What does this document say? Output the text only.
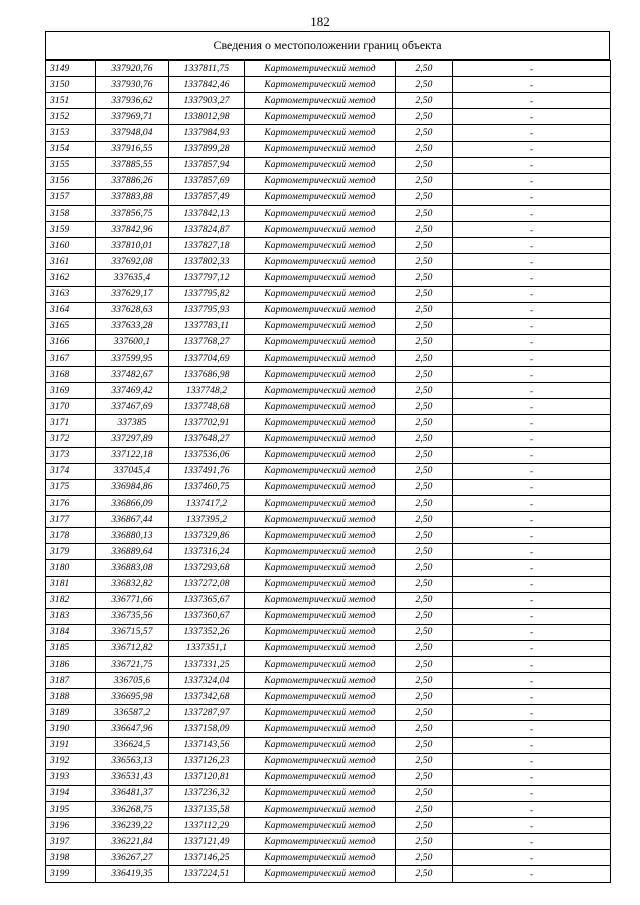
182
Сведения о местоположении границ объекта
3149	337920,76	1337811,75	Картометрический метод	2,50	-
3150	337930,76	1337842,46	Картометрический метод	2,50	-
3151	337936,62	1337903,27	Картометрический метод	2,50	-
3152	337969,71	1338012,98	Картометрический метод	2,50	-
3153	337948,04	1337984,93	Картометрический метод	2,50	-
3154	337916,55	1337899,28	Картометрический метод	2,50	-
3155	337885,55	1337857,94	Картометрический метод	2,50	-
3156	337886,26	1337857,69	Картометрический метод	2,50	-
3157	337883,88	1337857,49	Картометрический метод	2,50	-
3158	337856,75	1337842,13	Картометрический метод	2,50	-
3159	337842,96	1337824,87	Картометрический метод	2,50	-
3160	337810,01	1337827,18	Картометрический метод	2,50	-
3161	337692,08	1337802,33	Картометрический метод	2,50	-
3162	337635,4	1337797,12	Картометрический метод	2,50	-
3163	337629,17	1337795,82	Картометрический метод	2,50	-
3164	337628,63	1337795,93	Картометрический метод	2,50	-
3165	337633,28	1337783,11	Картометрический метод	2,50	-
3166	337600,1	1337768,27	Картометрический метод	2,50	-
3167	337599,95	1337704,69	Картометрический метод	2,50	-
3168	337482,67	1337686,98	Картометрический метод	2,50	-
3169	337469,42	1337748,2	Картометрический метод	2,50	-
3170	337467,69	1337748,68	Картометрический метод	2,50	-
3171	337385	1337702,91	Картометрический метод	2,50	-
3172	337297,89	1337648,27	Картометрический метод	2,50	-
3173	337122,18	1337536,06	Картометрический метод	2,50	-
3174	337045,4	1337491,76	Картометрический метод	2,50	-
3175	336984,86	1337460,75	Картометрический метод	2,50	-
3176	336866,09	1337417,2	Картометрический метод	2,50	-
3177	336867,44	1337395,2	Картометрический метод	2,50	-
3178	336880,13	1337329,86	Картометрический метод	2,50	-
3179	336889,64	1337316,24	Картометрический метод	2,50	-
3180	336883,08	1337293,68	Картометрический метод	2,50	-
3181	336832,82	1337272,08	Картометрический метод	2,50	-
3182	336771,66	1337365,67	Картометрический метод	2,50	-
3183	336735,56	1337360,67	Картометрический метод	2,50	-
3184	336715,57	1337352,26	Картометрический метод	2,50	-
3185	336712,82	1337351,1	Картометрический метод	2,50	-
3186	336721,75	1337331,25	Картометрический метод	2,50	-
3187	336705,6	1337324,04	Картометрический метод	2,50	-
3188	336695,98	1337342,68	Картометрический метод	2,50	-
3189	336587,2	1337287,97	Картометрический метод	2,50	-
3190	336647,96	1337158,09	Картометрический метод	2,50	-
3191	336624,5	1337143,56	Картометрический метод	2,50	-
3192	336563,13	1337126,23	Картометрический метод	2,50	-
3193	336531,43	1337120,81	Картометрический метод	2,50	-
3194	336481,37	1337236,32	Картометрический метод	2,50	-
3195	336268,75	1337135,58	Картометрический метод	2,50	-
3196	336239,22	1337112,29	Картометрический метод	2,50	-
3197	336221,84	1337121,49	Картометрический метод	2,50	-
3198	336267,27	1337146,25	Картометрический метод	2,50	-
3199	336419,35	1337224,51	Картометрический метод	2,50	-
